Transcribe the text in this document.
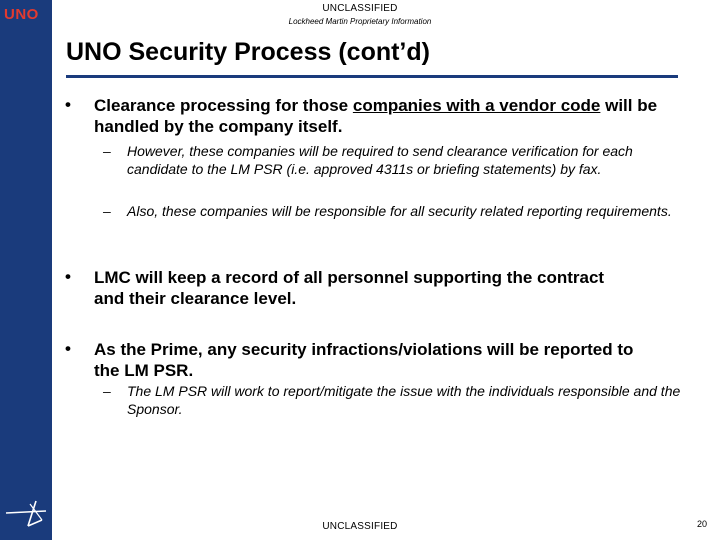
UNO	UNCLASSIFIED
Lockheed Martin Proprietary Information
UNO Security Process (cont’d)
• Clearance processing for those companies with a vendor code will be handled by the company itself.
– However, these companies will be required to send clearance verification for each candidate to the LM PSR (i.e. approved 4311s or briefing statements) by fax.
– Also, these companies will be responsible for all security related reporting requirements.
• LMC will keep a record of all personnel supporting the contract and their clearance level.
• As the Prime, any security infractions/violations will be reported to the LM PSR.
– The LM PSR will work to report/mitigate the issue with the individuals responsible and the Sponsor.
UNCLASSIFIED	20
